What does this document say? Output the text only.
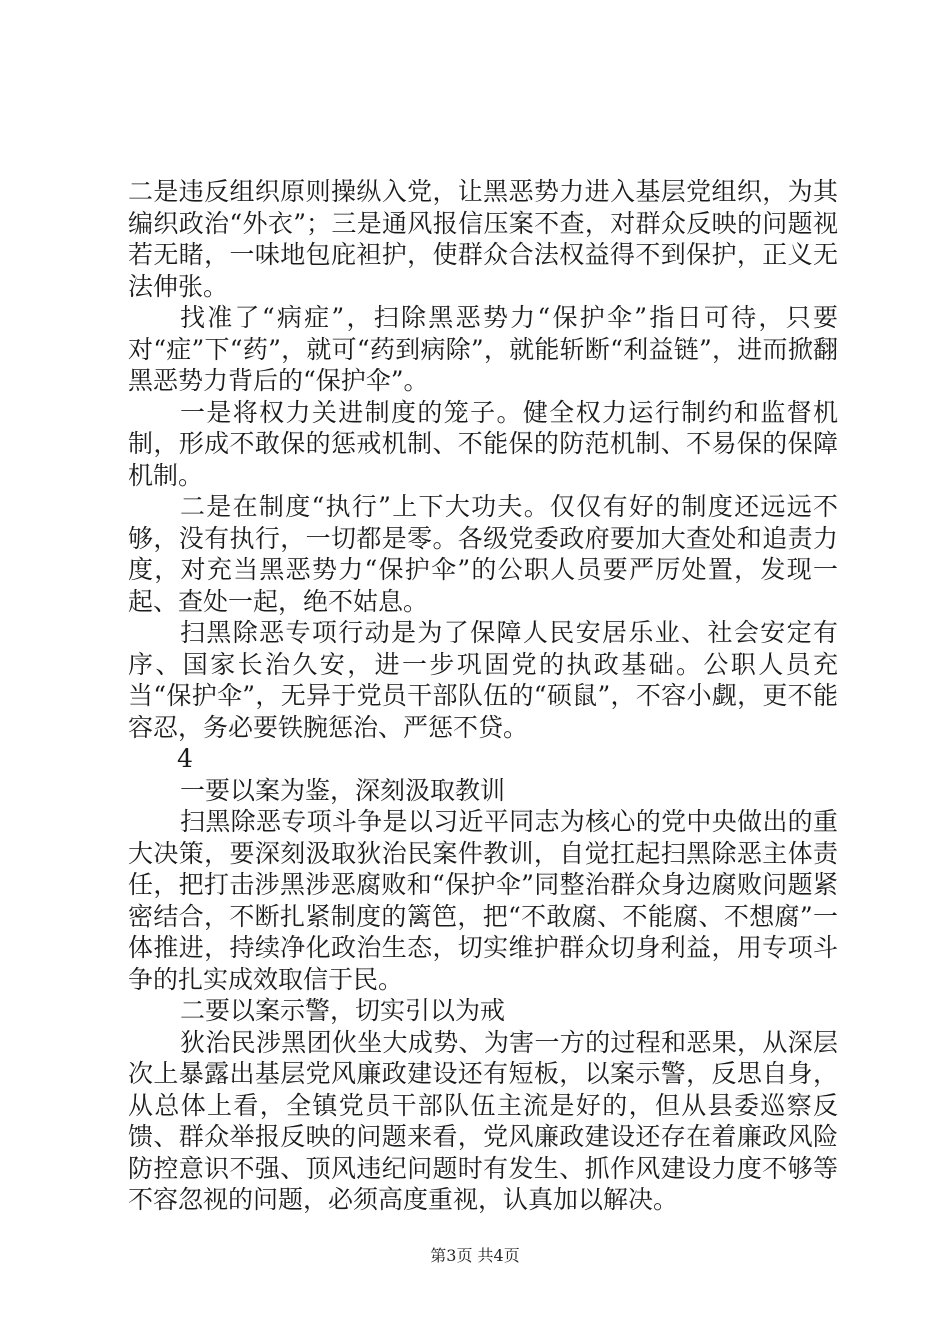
二是违反组织原则操纵入党，让黑恶势力进入基层党组织，为其编织政治“外衣”；三是通风报信压案不查，对群众反映的问题视若无睹，一味地包庇袒护，使群众合法权益得不到保护，正义无法伸张。

找准了“病症”，扫除黑恶势力“保护伞”指日可待，只要对“症”下“药”，就可“药到病除”，就能斩断“利益链”，进而掀翻黑恶势力背后的“保护伞”。

一是将权力关进制度的笼子。健全权力运行制约和监督机制，形成不敢保的惩戒机制、不能保的防范机制、不易保的保障机制。

二是在制度“执行”上下大功夫。仅仅有好的制度还远远不够，没有执行，一切都是零。各级党委政府要加大查处和追责力度，对充当黑恶势力“保护伞”的公职人员要严厉处置，发现一起、查处一起，绝不姑息。

扫黑除恶专项行动是为了保障人民安居乐业、社会安定有序、国家长治久安，进一步巩固党的执政基础。公职人员充当“保护伞”，无异于党员干部队伍的“硕鼠”，不容小觑，更不能容忍，务必要铁腕惩治、严惩不贷。

4

一要以案为鉴，深刻汲取教训

扫黑除恶专项斗争是以习近平同志为核心的党中央做出的重大决策，要深刻汲取狄治民案件教训，自觉扛起扫黑除恶主体责任，把打击涉黑涉恶腐败和“保护伞”同整治群众身边腐败问题紧密结合，不断扎紧制度的篱笆，把“不敢腐、不能腐、不想腐”一体推进，持续净化政治生态，切实维护群众切身利益，用专项斗争的扎实成效取信于民。

二要以案示警，切实引以为戒

狄治民涉黑团伙坐大成势、为害一方的过程和恶果，从深层次上暴露出基层党风廉政建设还有短板，以案示警，反思自身，从总体上看，全镇党员干部队伍主流是好的，但从县委巡察反馈、群众举报反映的问题来看，党风廉政建设还存在着廉政风险防控意识不强、顶风违纪问题时有发生、抓作风建设力度不够等不容忽视的问题，必须高度重视，认真加以解决。

第3页 共4页
